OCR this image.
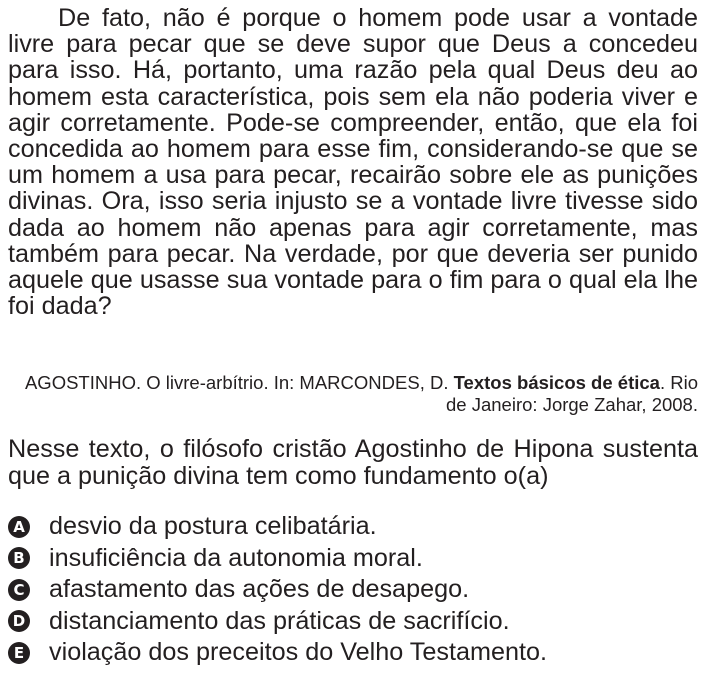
De fato, não é porque o homem pode usar a vontade livre para pecar que se deve supor que Deus a concedeu para isso. Há, portanto, uma razão pela qual Deus deu ao homem esta característica, pois sem ela não poderia viver e agir corretamente. Pode-se compreender, então, que ela foi concedida ao homem para esse fim, considerando-se que se um homem a usa para pecar, recairão sobre ele as punições divinas. Ora, isso seria injusto se a vontade livre tivesse sido dada ao homem não apenas para agir corretamente, mas também para pecar. Na verdade, por que deveria ser punido aquele que usasse sua vontade para o fim para o qual ela lhe foi dada?

AGOSTINHO. O livre-arbítrio. In: MARCONDES, D. Textos básicos de ética. Rio de Janeiro: Jorge Zahar, 2008.

Nesse texto, o filósofo cristão Agostinho de Hipona sustenta que a punição divina tem como fundamento o(a)

A desvio da postura celibatária.
B insuficiência da autonomia moral.
C afastamento das ações de desapego.
D distanciamento das práticas de sacrifício.
E violação dos preceitos do Velho Testamento.
